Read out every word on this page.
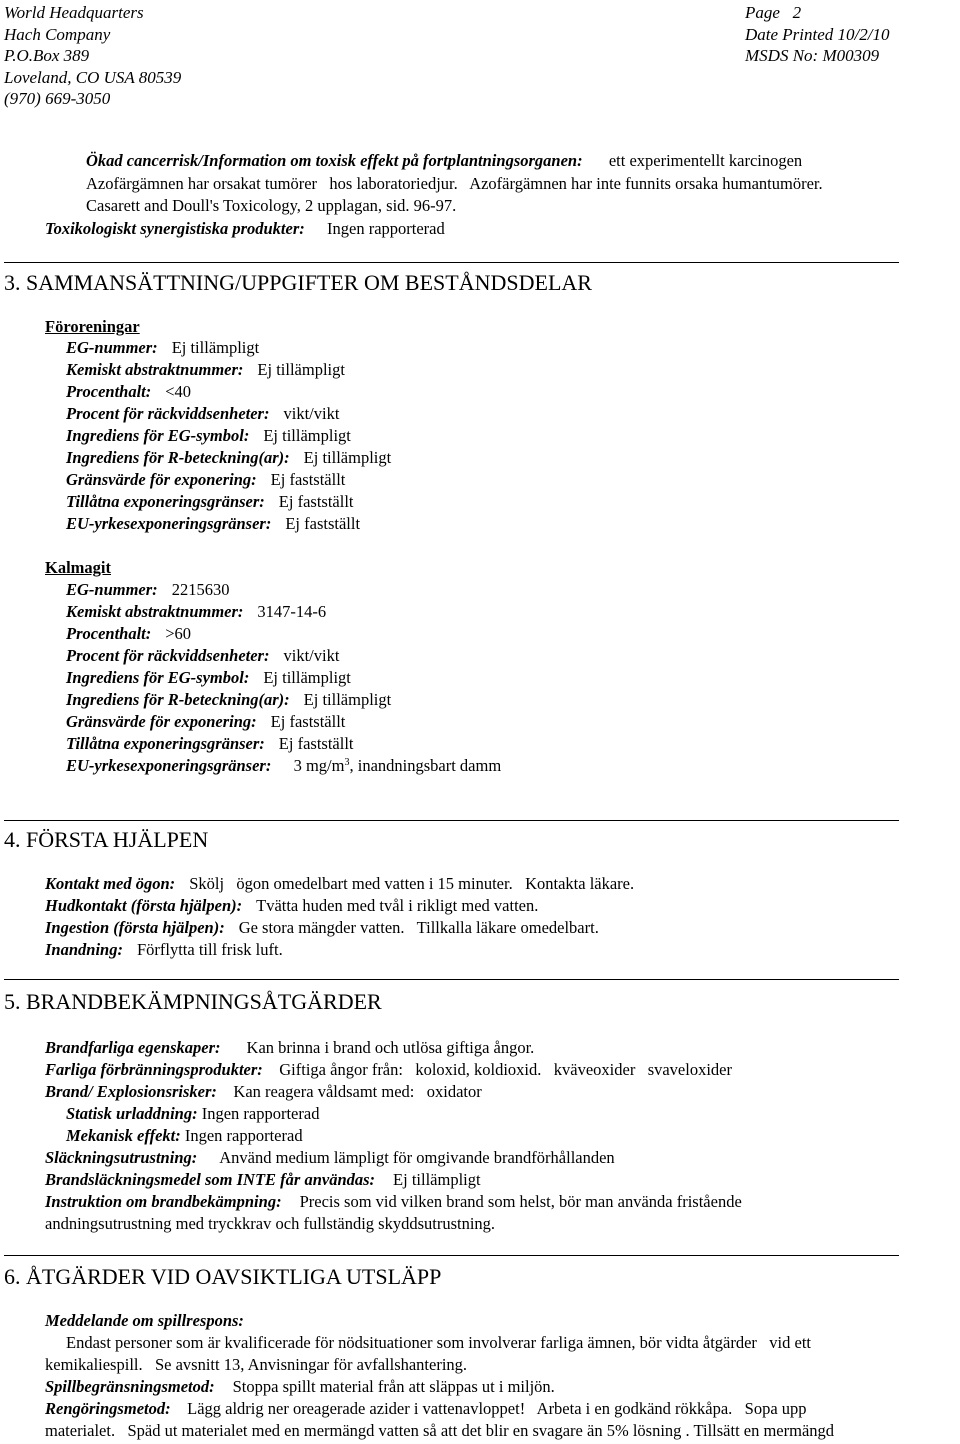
World Headquarters
Hach Company
P.O.Box 389
Loveland, CO USA 80539
(970) 669-3050
Page   2
Date Printed 10/2/10
MSDS No: M00309
Ökad cancerrisk/Information om toxisk effekt på fortplantningsorganen: ett experimentellt karcinogen
Azofärgämnen har orsakat tumörer   hos laboratoriedjur.   Azofärgämnen har inte funnits orsaka humantumörer.
Casarett and Doull's Toxicology, 2 upplagan, sid. 96-97.
Toxikologiskt synergistiska produkter: Ingen rapporterad
3. SAMMANSÄTTNING/UPPGIFTER OM BESTÅNDSDELAR
Föroreningar
EG-nummer: Ej tillämpligt
Kemiskt abstraktnummer: Ej tillämpligt
Procenthalt: <40
Procent för räckviddsenheter: vikt/vikt
Ingrediens för EG-symbol: Ej tillämpligt
Ingrediens för R-beteckning(ar): Ej tillämpligt
Gränsvärde för exponering: Ej fastställt
Tillåtna exponeringsgränser: Ej fastställt
EU-yrkesexponeringsgränser: Ej fastställt
Kalmagit
EG-nummer: 2215630
Kemiskt abstraktnummer: 3147-14-6
Procenthalt: >60
Procent för räckviddsenheter: vikt/vikt
Ingrediens för EG-symbol: Ej tillämpligt
Ingrediens för R-beteckning(ar): Ej tillämpligt
Gränsvärde för exponering: Ej fastställt
Tillåtna exponeringsgränser: Ej fastställt
EU-yrkesexponeringsgränser: 3 $mg/m^3$, inandningsbart damm
4. FÖRSTA HJÄLPEN
Kontakt med ögon: Skölj   ögon omedelbart med vatten i 15 minuter.   Kontakta läkare.
Hudkontakt (första hjälpen): Tvätta huden med tvål i rikligt med vatten.
Ingestion (första hjälpen): Ge stora mängder vatten.   Tillkalla läkare omedelbart.
Inandning: Förflytta till frisk luft.
5. BRANDBEKÄMPNINGSÅTGÄRDER
Brandfarliga egenskaper: Kan brinna i brand och utlösa giftiga ångor.
Farliga förbränningsprodukter: Giftiga ångor från:   koloxid, koldioxid.   kväveoxider   svaveloxider
Brand/ Explosionsrisker: Kan reagera våldsamt med:   oxidator
Statisk urladdning: Ingen rapporterad
Mekanisk effekt: Ingen rapporterad
Släckningsutrustning: Använd medium lämpligt för omgivande brandförhållanden
Brandsläckningsmedel som INTE får användas: Ej tillämpligt
Instruktion om brandbekämpning: Precis som vid vilken brand som helst, bör man använda fristående
andningsutrustning med tryckkrav och fullständig skyddsutrustning.
6. ÅTGÄRDER VID OAVSIKTLIGA UTSLÄPP
Meddelande om spillrespons:
Endast personer som är kvalificerade för nödsituationer som involverar farliga ämnen, bör vidta åtgärder   vid ett
kemikaliespill.   Se avsnitt 13, Anvisningar för avfallshantering.
Spillbegränsningsmetod: Stoppa spillt material från att släppas ut i miljön.
Rengöringsmetod: Lägg aldrig ner oreagerade azider i vattenavloppet!   Arbeta i en godkänd rökkåpa.   Sopa upp
materialet.   Späd ut materialet med en mermängd vatten så att det blir en svagare än 5% lösning . Tillsätt en mermängd
